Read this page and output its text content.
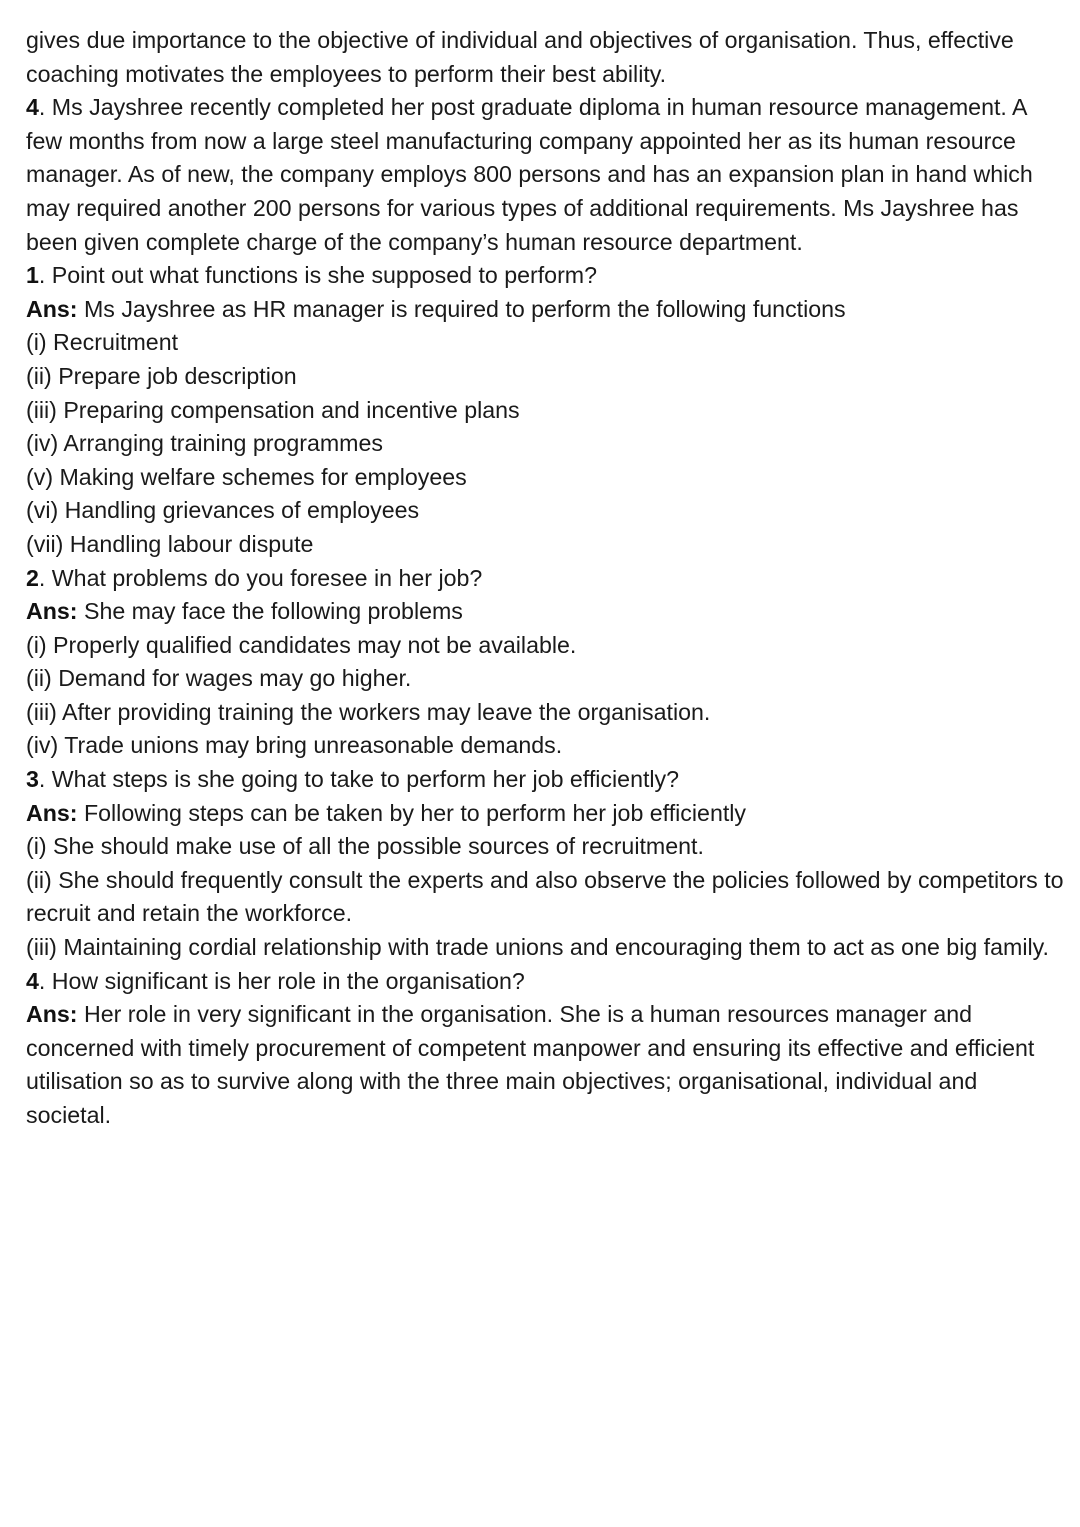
gives due importance to the objective of individual and objectives of organisation. Thus, effective coaching motivates the employees to perform their best ability.

4. Ms Jayshree recently completed her post graduate diploma in human resource management. A few months from now a large steel manufacturing company appointed her as its human resource manager. As of new, the company employs 800 persons and has an expansion plan in hand which may required another 200 persons for various types of additional requirements. Ms Jayshree has been given complete charge of the company’s human resource department.

1. Point out what functions is she supposed to perform?

Ans: Ms Jayshree as HR manager is required to perform the following functions

(i) Recruitment

(ii) Prepare job description

(iii) Preparing compensation and incentive plans

(iv) Arranging training programmes

(v) Making welfare schemes for employees

(vi) Handling grievances of employees

(vii) Handling labour dispute

2. What problems do you foresee in her job?

Ans: She may face the following problems

(i) Properly qualified candidates may not be available.

(ii) Demand for wages may go higher.

(iii) After providing training the workers may leave the organisation.

(iv) Trade unions may bring unreasonable demands.

3. What steps is she going to take to perform her job efficiently?

Ans: Following steps can be taken by her to perform her job efficiently

(i) She should make use of all the possible sources of recruitment.

(ii) She should frequently consult the experts and also observe the policies followed by competitors to recruit and retain the workforce.

(iii) Maintaining cordial relationship with trade unions and encouraging them to act as one big family.

4. How significant is her role in the organisation?

Ans: Her role in very significant in the organisation. She is a human resources manager and concerned with timely procurement of competent manpower and ensuring its effective and efficient utilisation so as to survive along with the three main objectives; organisational, individual and societal.
